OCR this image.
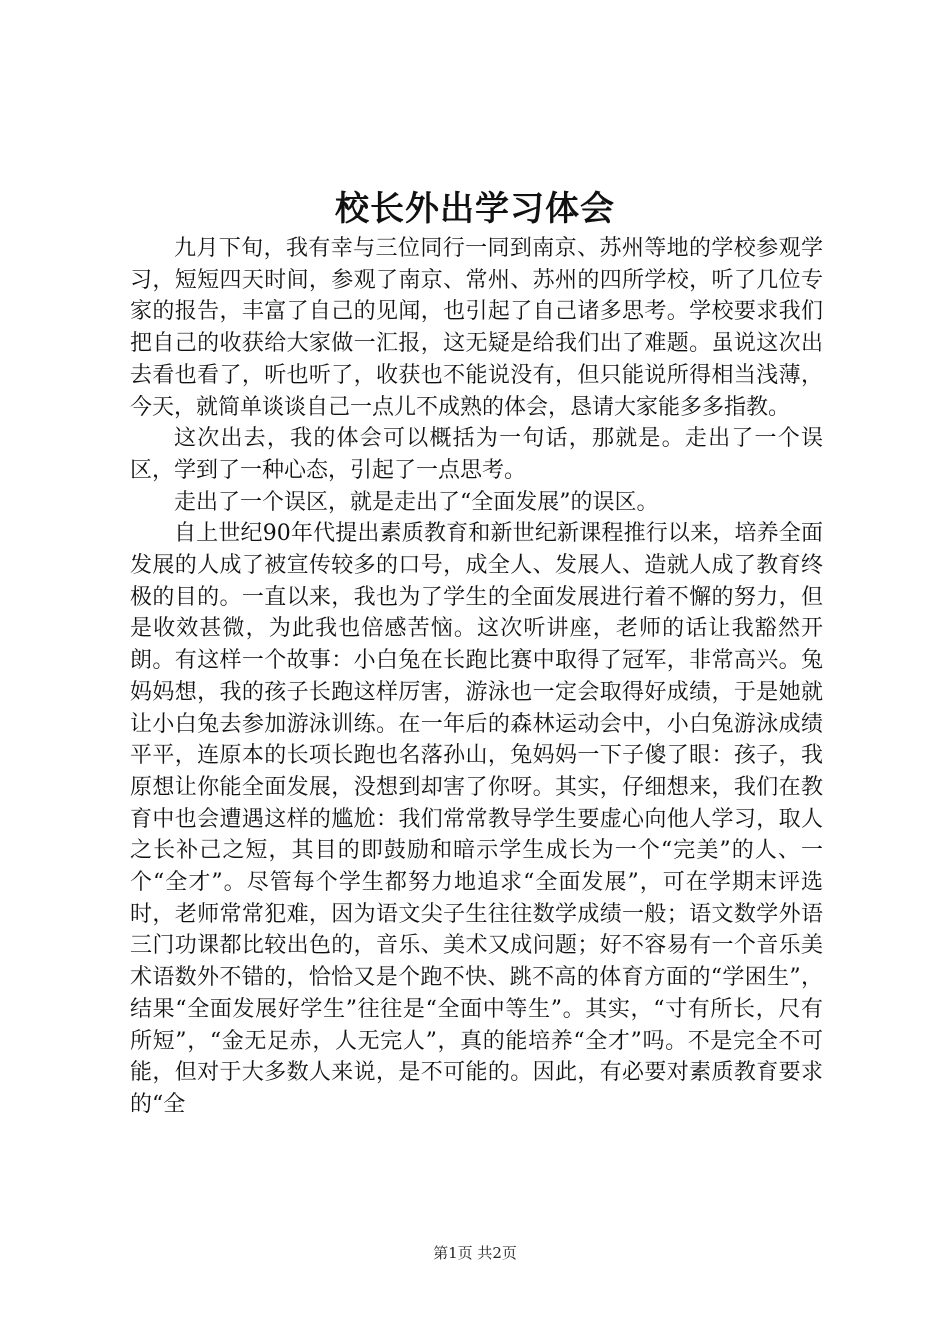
校长外出学习体会

九月下旬，我有幸与三位同行一同到南京、苏州等地的学校参观学习，短短四天时间，参观了南京、常州、苏州的四所学校，听了几位专家的报告，丰富了自己的见闻，也引起了自己诸多思考。学校要求我们把自己的收获给大家做一汇报，这无疑是给我们出了难题。虽说这次出去看也看了，听也听了，收获也不能说没有，但只能说所得相当浅薄，今天，就简单谈谈自己一点儿不成熟的体会，恳请大家能多多指教。

这次出去，我的体会可以概括为一句话，那就是。走出了一个误区，学到了一种心态，引起了一点思考。

走出了一个误区，就是走出了“全面发展”的误区。

自上世纪90年代提出素质教育和新世纪新课程推行以来，培养全面发展的人成了被宣传较多的口号，成全人、发展人、造就人成了教育终极的目的。一直以来，我也为了学生的全面发展进行着不懈的努力，但是收效甚微，为此我也倍感苦恼。这次听讲座，老师的话让我豁然开朗。有这样一个故事：小白兔在长跑比赛中取得了冠军，非常高兴。兔妈妈想，我的孩子长跑这样厉害，游泳也一定会取得好成绩，于是她就让小白兔去参加游泳训练。在一年后的森林运动会中，小白兔游泳成绩平平，连原本的长项长跑也名落孙山，兔妈妈一下子傻了眼：孩子，我原想让你能全面发展，没想到却害了你呀。其实，仔细想来，我们在教育中也会遭遇这样的尴尬：我们常常教导学生要虚心向他人学习，取人之长补己之短，其目的即鼓励和暗示学生成长为一个“完美”的人、一个“全才”。尽管每个学生都努力地追求“全面发展”，可在学期末评选时，老师常常犯难，因为语文尖子生往往数学成绩一般；语文数学外语三门功课都比较出色的，音乐、美术又成问题；好不容易有一个音乐美术语数外不错的，恰恰又是个跑不快、跳不高的体育方面的“学困生”，结果“全面发展好学生”往往是“全面中等生”。其实，“寸有所长，尺有所短”，“金无足赤，人无完人”，真的能培养“全才”吗。不是完全不可能，但对于大多数人来说，是不可能的。因此，有必要对素质教育要求的“全

第1页 共2页
